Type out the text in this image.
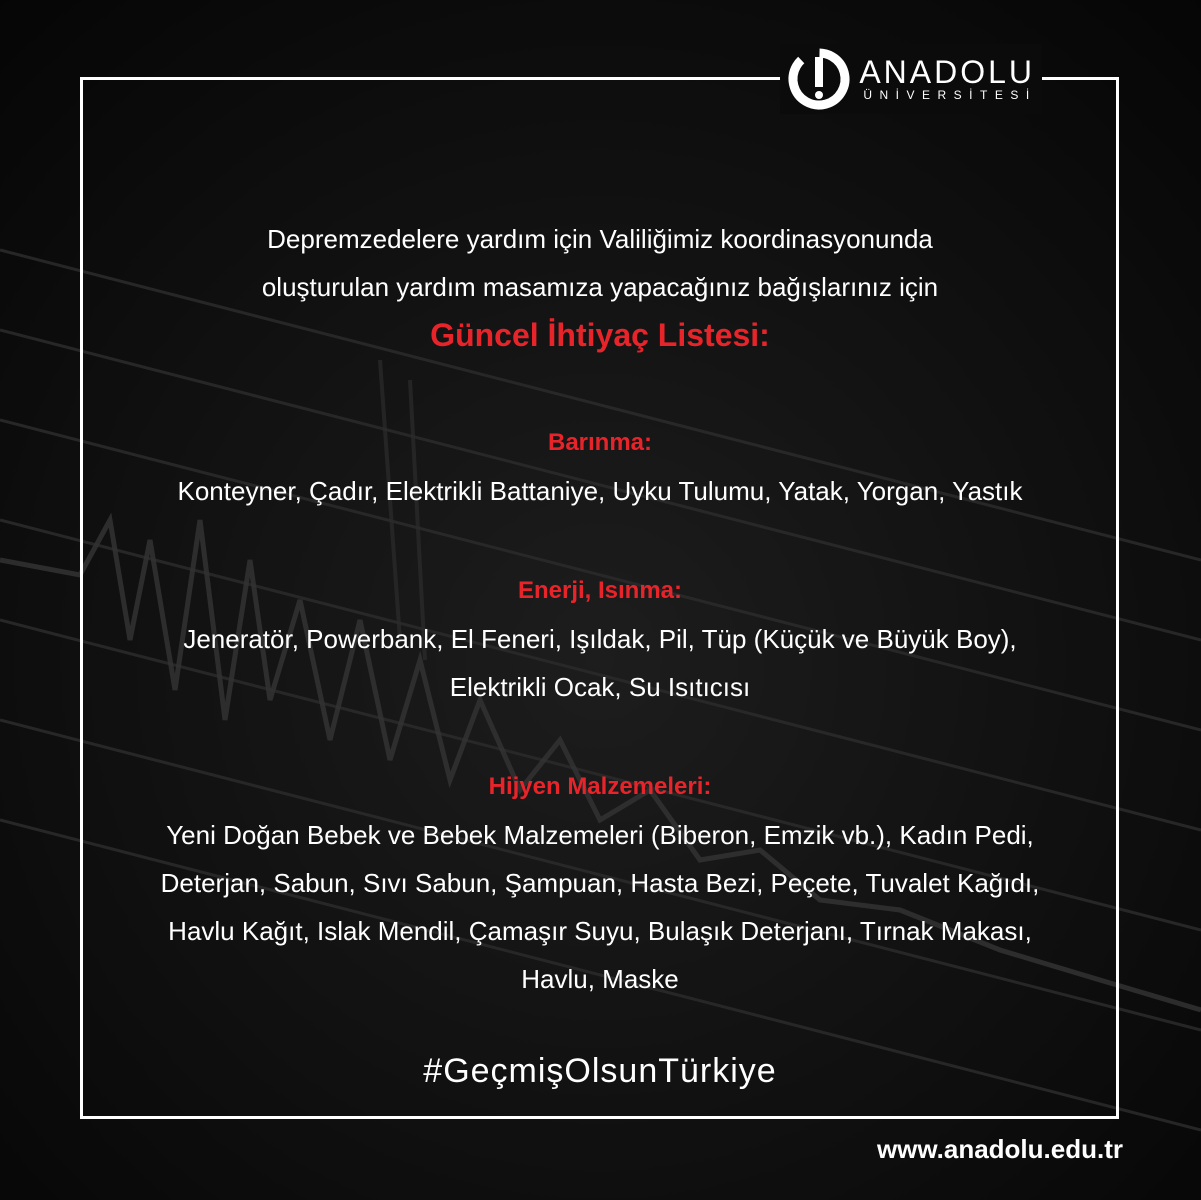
ANADOLU
ÜNİVERSİTESİ

Depremzedelere yardım için Valiliğimiz koordinasyonunda

oluşturulan yardım masamıza yapacağınız bağışlarınız için

Güncel İhtiyaç Listesi:

Barınma:

Konteyner, Çadır, Elektrikli Battaniye, Uyku Tulumu, Yatak, Yorgan, Yastık

Enerji, Isınma:

Jeneratör, Powerbank, El Feneri, Işıldak, Pil, Tüp (Küçük ve Büyük Boy),

Elektrikli Ocak, Su Isıtıcısı

Hijyen Malzemeleri:

Yeni Doğan Bebek ve Bebek Malzemeleri (Biberon, Emzik vb.), Kadın Pedi,

Deterjan, Sabun, Sıvı Sabun, Şampuan, Hasta Bezi, Peçete, Tuvalet Kağıdı,

Havlu Kağıt, Islak Mendil, Çamaşır Suyu, Bulaşık Deterjanı, Tırnak Makası,

Havlu, Maske

#GeçmişOlsunTürkiye
www.anadolu.edu.tr
